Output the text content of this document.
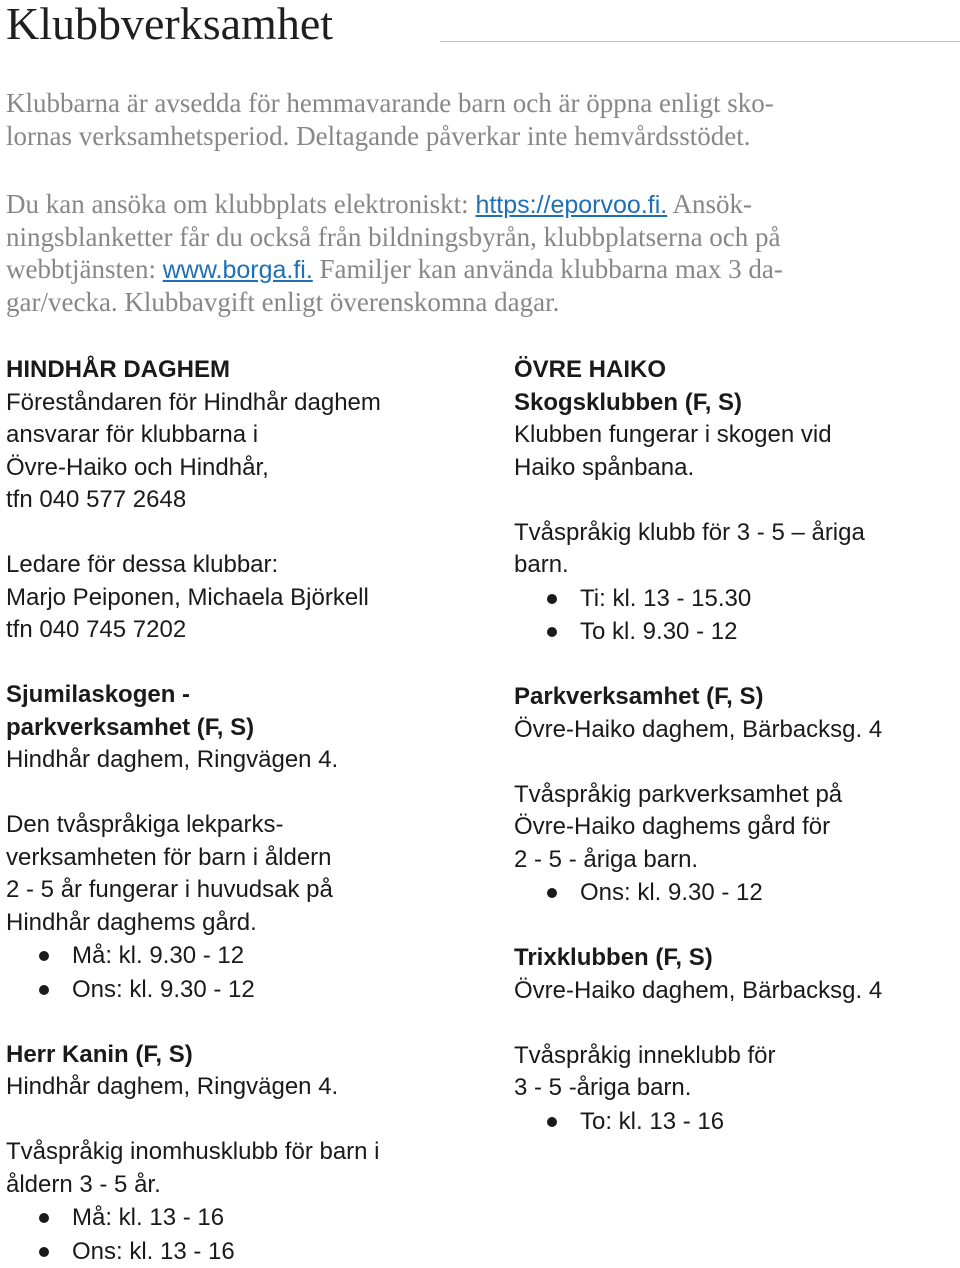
Klubbverksamhet
Klubbarna är avsedda för hemmavarande barn och är öppna enligt sko-
lornas verksamhetsperiod. Deltagande påverkar inte hemvårdsstödet.
Du kan ansöka om klubbplats elektroniskt: https://eporvoo.fi. Ansök-
ningsblanketter får du också från bildningsbyrån, klubbplatserna och på
webbtjänsten: www.borga.fi. Familjer kan använda klubbarna max 3 da-
gar/vecka. Klubbavgift enligt överenskomna dagar.
HINDHÅR DAGHEM
Föreståndaren för Hindhår daghem
ansvarar för klubbarna i
Övre-Haiko och Hindhår,
tfn 040 577 2648
Ledare för dessa klubbar:
Marjo Peiponen, Michaela Björkell
tfn 040 745 7202
Sjumilaskogen -
parkverksamhet (F, S)
Hindhår daghem, Ringvägen 4.
Den tvåspråkiga lekparks-
verksamheten för barn i åldern
2 - 5 år fungerar i huvudsak på
Hindhår daghems gård.
Må: kl. 9.30 - 12
Ons: kl. 9.30 - 12
Herr Kanin (F, S)
Hindhår daghem, Ringvägen 4.
Tvåspråkig inomhusklubb för barn i
åldern 3 - 5 år.
Må: kl. 13 - 16
Ons: kl. 13 - 16
ÖVRE HAIKO
Skogsklubben (F, S)
Klubben fungerar i skogen vid
Haiko spånbana.
Tvåspråkig klubb för 3 - 5 – åriga
barn.
Ti: kl. 13 - 15.30
To kl. 9.30 - 12
Parkverksamhet (F, S)
Övre-Haiko daghem, Bärbacksg. 4
Tvåspråkig parkverksamhet på
Övre-Haiko daghems gård för
2 - 5 - åriga barn.
Ons: kl. 9.30 - 12
Trixklubben (F, S)
Övre-Haiko daghem, Bärbacksg. 4
Tvåspråkig inneklubb för
3 - 5 -åriga barn.
To: kl. 13 - 16
